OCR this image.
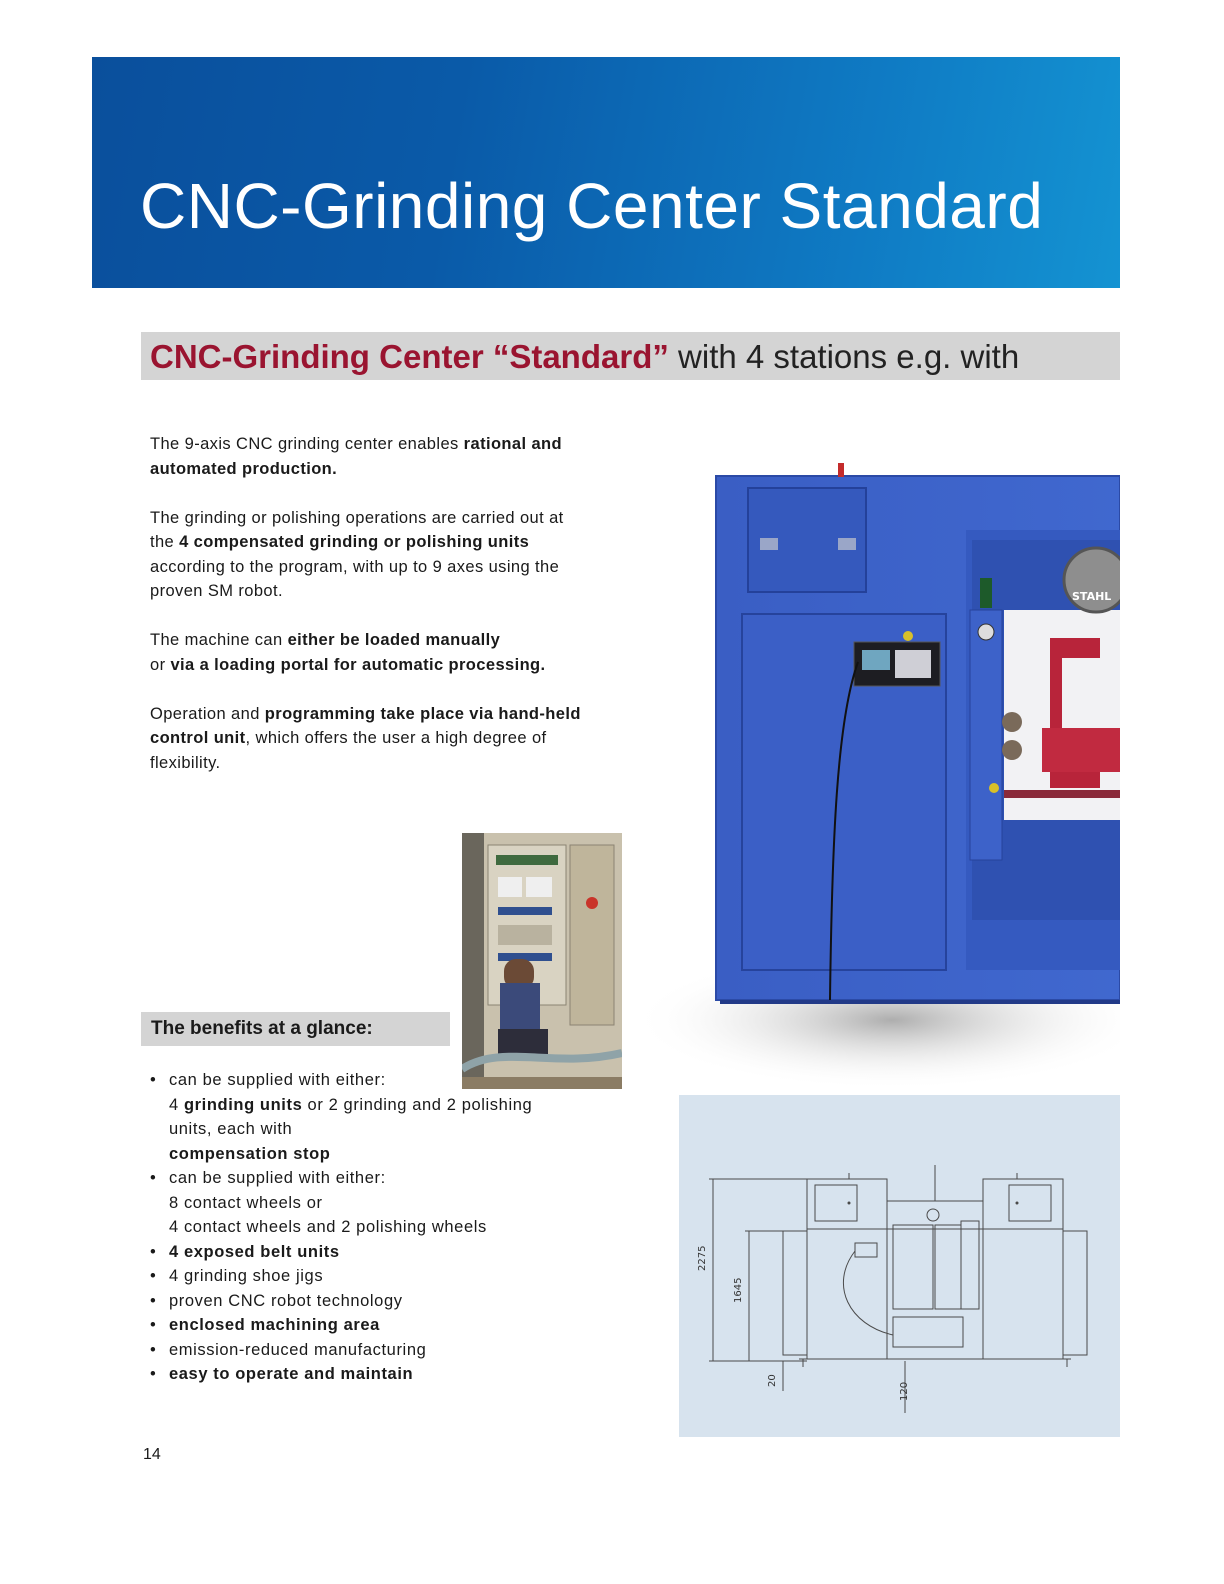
CNC-Grinding Center Standard

CNC-Grinding Center “Standard” with 4 stations e.g. with

The 9-axis CNC grinding center enables rational and automated production.

The grinding or polishing operations are carried out at the 4 compensated grinding or polishing units according to the program, with up to 9 axes using the proven SM robot.

The machine can either be loaded manually
or via a loading portal for automatic processing.

Operation and programming take place via hand-held control unit, which offers the user a high degree of flexibility.

STAHL
The benefits at a glance:
• can be supplied with either:
4 grinding units or 2 grinding and 2 polishing units, each with
compensation stop
• can be supplied with either:
8 contact wheels or
4 contact wheels and 2 polishing wheels
• 4 exposed belt units
• 4 grinding shoe jigs
• proven CNC robot technology
• enclosed machining area
• emission-reduced manufacturing
• easy to operate and maintain
2275
1645
20
120
14
